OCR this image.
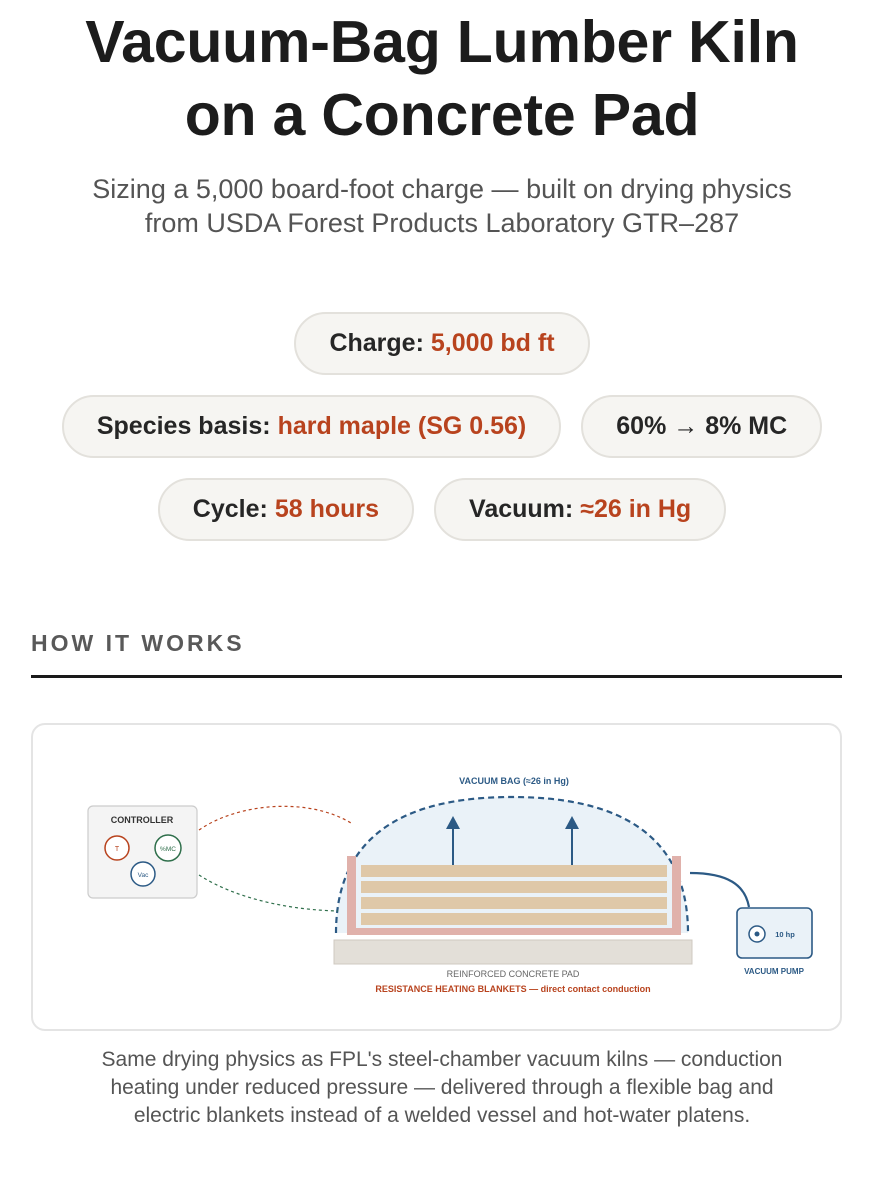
Vacuum-Bag Lumber Kiln
on a Concrete Pad

Sizing a 5,000 board-foot charge — built on drying physics
from USDA Forest Products Laboratory GTR–287

Charge: 5,000 bd ft
Species basis: hard maple (SG 0.56)	60% → 8% MC
Cycle: 58 hours	Vacuum: ≈26 in Hg
HOW IT WORKS
VACUUM BAG (≈26 in Hg)
REINFORCED CONCRETE PAD
RESISTANCE HEATING BLANKETS — direct contact conduction
CONTROLLER
T	%MC
Vac
10 hp
VACUUM PUMP

Same drying physics as FPL's steel-chamber vacuum kilns — conduction
heating under reduced pressure — delivered through a flexible bag and
electric blankets instead of a welded vessel and hot-water platens.
